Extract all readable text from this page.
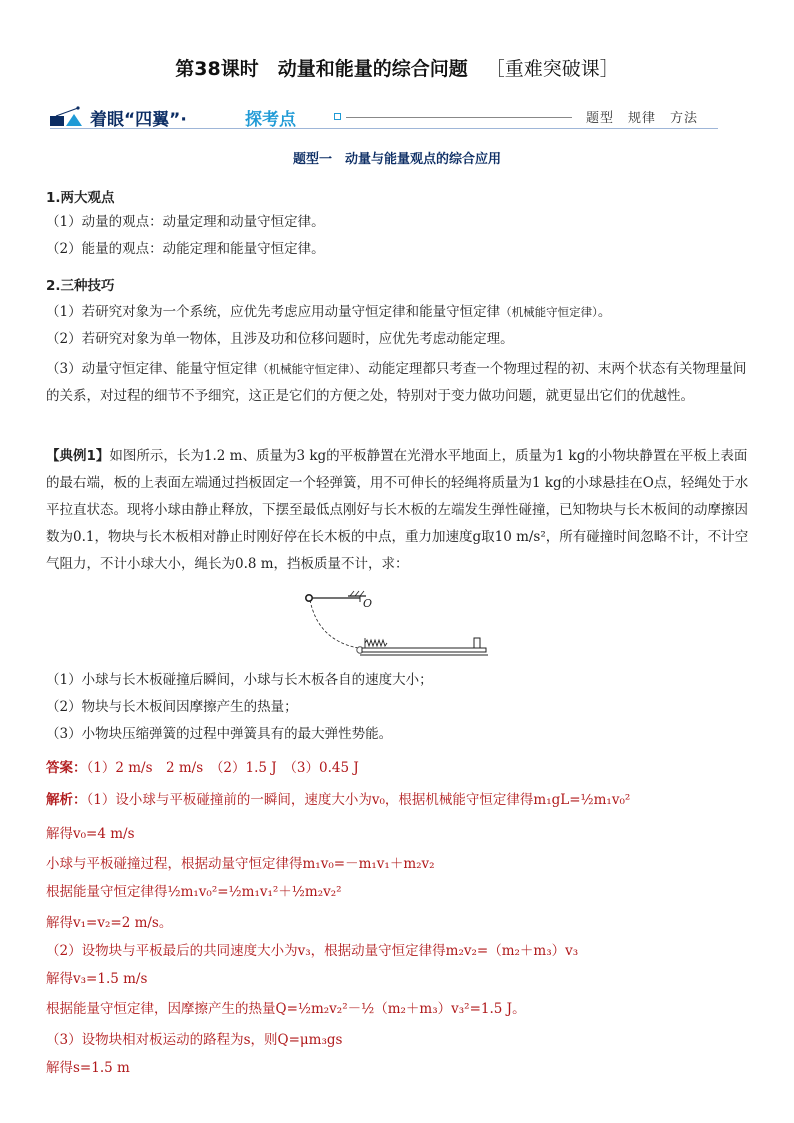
第38课时　动量和能量的综合问题 ［重难突破课］
着眼“四翼”·	探考点	题型　规律　方法
题型一　动量与能量观点的综合应用
1.两大观点
（1）动量的观点：动量定理和动量守恒定律。
（2）能量的观点：动能定理和能量守恒定律。
2.三种技巧
（1）若研究对象为一个系统，应优先考虑应用动量守恒定律和能量守恒定律（机械能守恒定律）。
（2）若研究对象为单一物体，且涉及功和位移问题时，应优先考虑动能定理。
（3）动量守恒定律、能量守恒定律（机械能守恒定律）、动能定理都只考查一个物理过程的初、末两个状态有关物理量间的关系，对过程的细节不予细究，这正是它们的方便之处，特别对于变力做功问题，就更显出它们的优越性。
【典例1】如图所示，长为1.2 m、质量为3 kg的平板静置在光滑水平地面上，质量为1 kg的小物块静置在平板上表面的最右端，板的上表面左端通过挡板固定一个轻弹簧，用不可伸长的轻绳将质量为1 kg的小球悬挂在O点，轻绳处于水平拉直状态。现将小球由静止释放，下摆至最低点刚好与长木板的左端发生弹性碰撞，已知物块与长木板间的动摩擦因数为0.1，物块与长木板相对静止时刚好停在长木板的中点，重力加速度g取10 m/s²，所有碰撞时间忽略不计，不计空气阻力，不计小球大小，绳长为0.8 m，挡板质量不计，求：
O
（1）小球与长木板碰撞后瞬间，小球与长木板各自的速度大小；
（2）物块与长木板间因摩擦产生的热量；
（3）小物块压缩弹簧的过程中弹簧具有的最大弹性势能。
答案：（1）2 m/s　2 m/s　（2）1.5 J　（3）0.45 J
解析：（1）设小球与平板碰撞前的一瞬间，速度大小为v₀，根据机械能守恒定律得m₁gL=½m₁v₀²
解得v₀=4 m/s
小球与平板碰撞过程，根据动量守恒定律得m₁v₀=－m₁v₁＋m₂v₂
根据能量守恒定律得½m₁v₀²=½m₁v₁²＋½m₂v₂²
解得v₁=v₂=2 m/s。
（2）设物块与平板最后的共同速度大小为v₃，根据动量守恒定律得m₂v₂=（m₂＋m₃）v₃
解得v₃=1.5 m/s
根据能量守恒定律，因摩擦产生的热量Q=½m₂v₂²－½（m₂＋m₃）v₃²=1.5 J。
（3）设物块相对板运动的路程为s，则Q=μm₃gs
解得s=1.5 m
